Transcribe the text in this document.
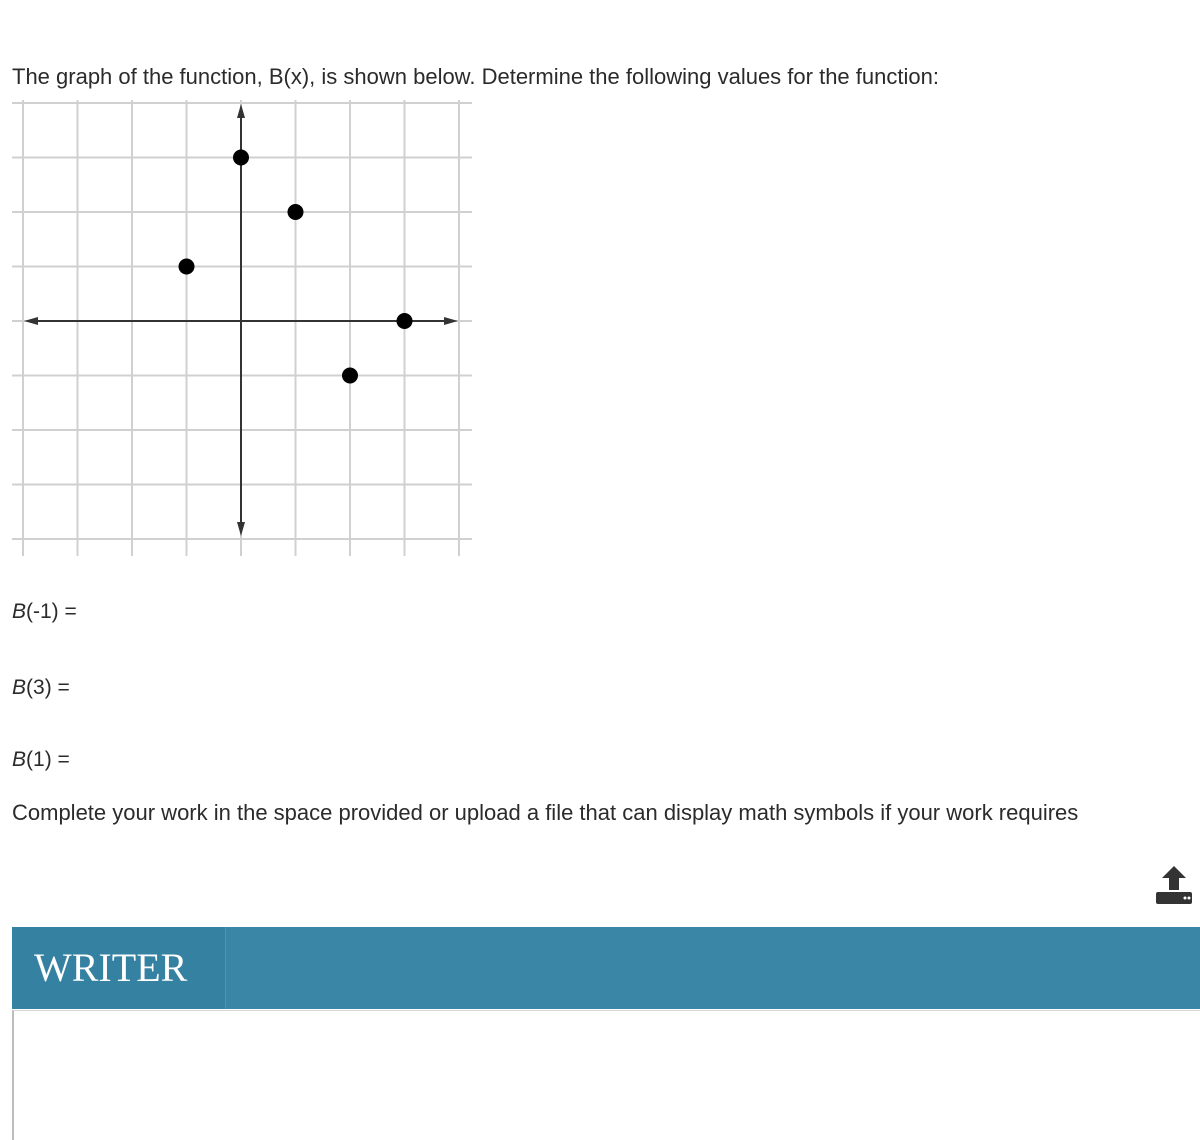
The graph of the function, B(x), is shown below. Determine the following values for the function:
B(-1) =
B(3) =
B(1) =
Complete your work in the space provided or upload a file that can display math symbols if your work requires
WRITER
